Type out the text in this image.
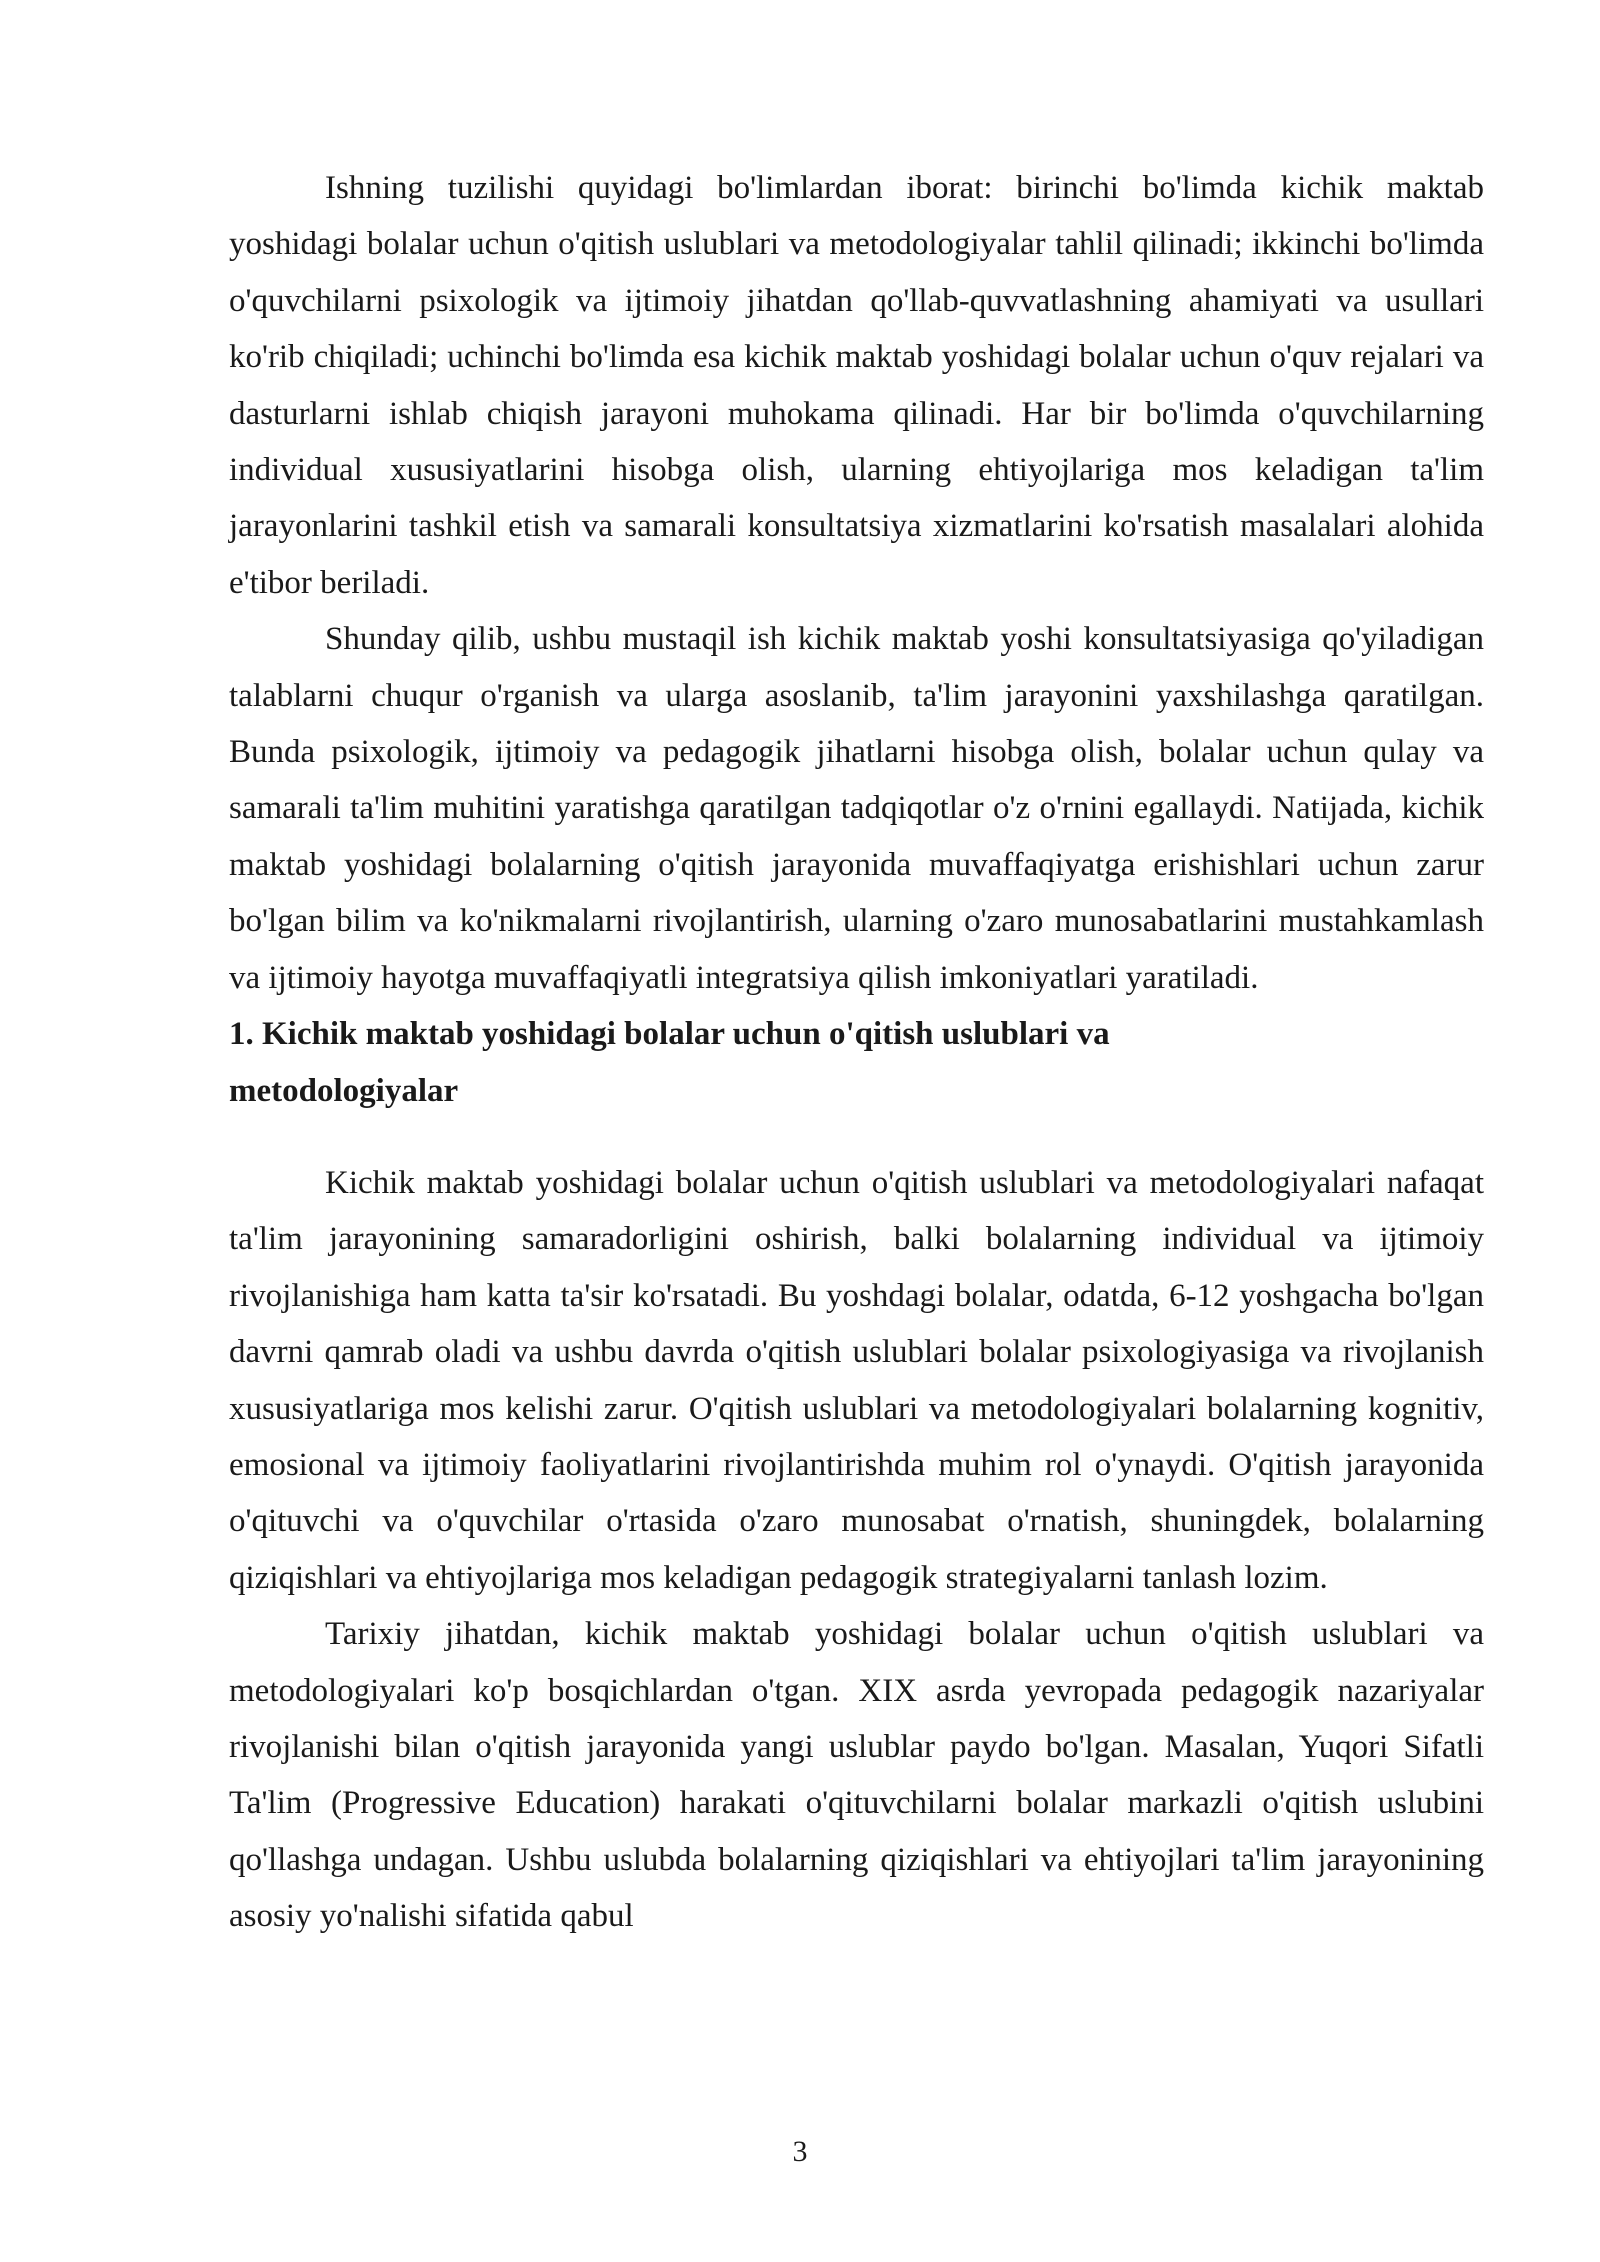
Ishning tuzilishi quyidagi bo'limlardan iborat: birinchi bo'limda kichik maktab yoshidagi bolalar uchun o'qitish uslublari va metodologiyalar tahlil qilinadi; ikkinchi bo'limda o'quvchilarni psixologik va ijtimoiy jihatdan qo'llab-quvvatlashning ahamiyati va usullari ko'rib chiqiladi; uchinchi bo'limda esa kichik maktab yoshidagi bolalar uchun o'quv rejalari va dasturlarni ishlab chiqish jarayoni muhokama qilinadi. Har bir bo'limda o'quvchilarning individual xususiyatlarini hisobga olish, ularning ehtiyojlariga mos keladigan ta'lim jarayonlarini tashkil etish va samarali konsultatsiya xizmatlarini ko'rsatish masalalari alohida e'tibor beriladi.

Shunday qilib, ushbu mustaqil ish kichik maktab yoshi konsultatsiyasiga qo'yiladigan talablarni chuqur o'rganish va ularga asoslanib, ta'lim jarayonini yaxshilashga qaratilgan. Bunda psixologik, ijtimoiy va pedagogik jihatlarni hisobga olish, bolalar uchun qulay va samarali ta'lim muhitini yaratishga qaratilgan tadqiqotlar o'z o'rnini egallaydi. Natijada, kichik maktab yoshidagi bolalarning o'qitish jarayonida muvaffaqiyatga erishishlari uchun zarur bo'lgan bilim va ko'nikmalarni rivojlantirish, ularning o'zaro munosabatlarini mustahkamlash va ijtimoiy hayotga muvaffaqiyatli integratsiya qilish imkoniyatlari yaratiladi.

1. Kichik maktab yoshidagi bolalar uchun o'qitish uslublari va metodologiyalar

Kichik maktab yoshidagi bolalar uchun o'qitish uslublari va metodologiyalari nafaqat ta'lim jarayonining samaradorligini oshirish, balki bolalarning individual va ijtimoiy rivojlanishiga ham katta ta'sir ko'rsatadi. Bu yoshdagi bolalar, odatda, 6-12 yoshgacha bo'lgan davrni qamrab oladi va ushbu davrda o'qitish uslublari bolalar psixologiyasiga va rivojlanish xususiyatlariga mos kelishi zarur. O'qitish uslublari va metodologiyalari bolalarning kognitiv, emosional va ijtimoiy faoliyatlarini rivojlantirishda muhim rol o'ynaydi. O'qitish jarayonida o'qituvchi va o'quvchilar o'rtasida o'zaro munosabat o'rnatish, shuningdek, bolalarning qiziqishlari va ehtiyojlariga mos keladigan pedagogik strategiyalarni tanlash lozim.

Tarixiy jihatdan, kichik maktab yoshidagi bolalar uchun o'qitish uslublari va metodologiyalari ko'p bosqichlardan o'tgan. XIX asrda yevropada pedagogik nazariyalar rivojlanishi bilan o'qitish jarayonida yangi uslublar paydo bo'lgan. Masalan, Yuqori Sifatli Ta'lim (Progressive Education) harakati o'qituvchilarni bolalar markazli o'qitish uslubini qo'llashga undagan. Ushbu uslubda bolalarning qiziqishlari va ehtiyojlari ta'lim jarayonining asosiy yo'nalishi sifatida qabul

3
